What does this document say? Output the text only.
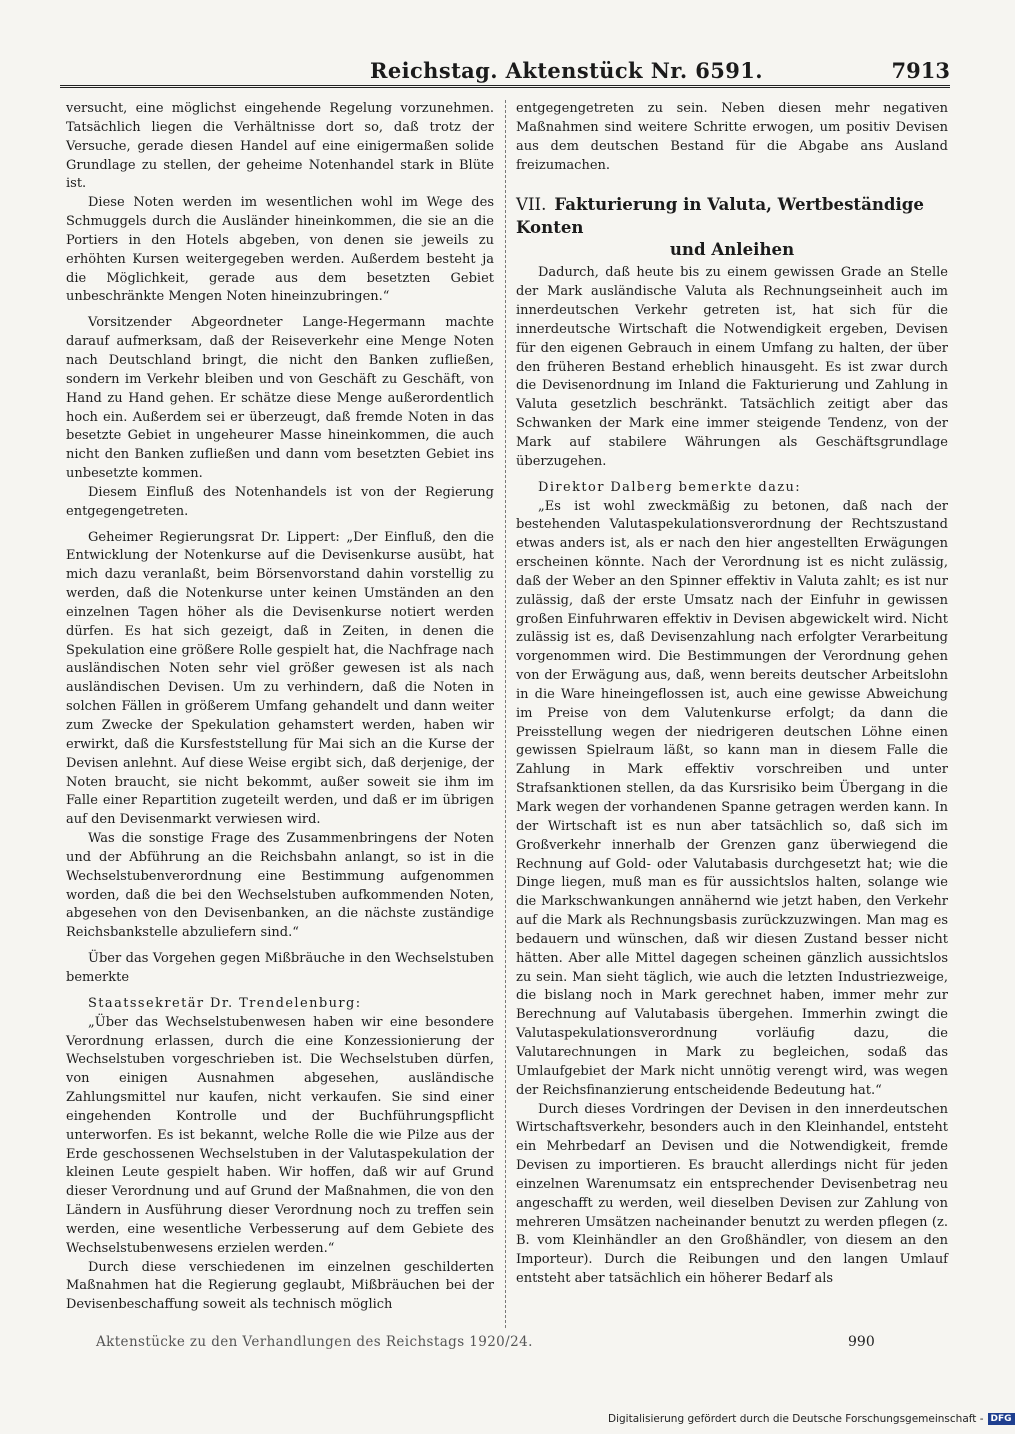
Reichstag. Aktenstück Nr. 6591.	7913

versucht, eine möglichst eingehende Regelung vorzunehmen. Tatsächlich liegen die Verhältnisse dort so, daß trotz der Versuche, gerade diesen Handel auf eine einigermaßen solide Grundlage zu stellen, der geheime Notenhandel stark in Blüte ist.

Diese Noten werden im wesentlichen wohl im Wege des Schmuggels durch die Ausländer hineinkommen, die sie an die Portiers in den Hotels abgeben, von denen sie jeweils zu erhöhten Kursen weitergegeben werden. Außerdem besteht ja die Möglichkeit, gerade aus dem besetzten Gebiet unbeschränkte Mengen Noten hineinzubringen.“

Vorsitzender Abgeordneter Lange-Hegermann machte darauf aufmerksam, daß der Reiseverkehr eine Menge Noten nach Deutschland bringt, die nicht den Banken zufließen, sondern im Verkehr bleiben und von Geschäft zu Geschäft, von Hand zu Hand gehen. Er schätze diese Menge außerordentlich hoch ein. Außerdem sei er überzeugt, daß fremde Noten in das besetzte Gebiet in ungeheurer Masse hineinkommen, die auch nicht den Banken zufließen und dann vom besetzten Gebiet ins unbesetzte kommen.

Diesem Einfluß des Notenhandels ist von der Regierung entgegengetreten.

Geheimer Regierungsrat Dr. Lippert: „Der Einfluß, den die Entwicklung der Notenkurse auf die Devisenkurse ausübt, hat mich dazu veranlaßt, beim Börsenvorstand dahin vorstellig zu werden, daß die Notenkurse unter keinen Umständen an den einzelnen Tagen höher als die Devisenkurse notiert werden dürfen. Es hat sich gezeigt, daß in Zeiten, in denen die Spekulation eine größere Rolle gespielt hat, die Nachfrage nach ausländischen Noten sehr viel größer gewesen ist als nach ausländischen Devisen. Um zu verhindern, daß die Noten in solchen Fällen in größerem Umfang gehandelt und dann weiter zum Zwecke der Spekulation gehamstert werden, haben wir erwirkt, daß die Kursfeststellung für Mai sich an die Kurse der Devisen anlehnt. Auf diese Weise ergibt sich, daß derjenige, der Noten braucht, sie nicht bekommt, außer soweit sie ihm im Falle einer Repartition zugeteilt werden, und daß er im übrigen auf den Devisenmarkt verwiesen wird.

Was die sonstige Frage des Zusammenbringens der Noten und der Abführung an die Reichsbahn anlangt, so ist in die Wechselstubenverordnung eine Bestimmung aufgenommen worden, daß die bei den Wechselstuben aufkommenden Noten, abgesehen von den Devisenbanken, an die nächste zuständige Reichsbankstelle abzuliefern sind.“

Über das Vorgehen gegen Mißbräuche in den Wechselstuben bemerkte

Staatssekretär Dr. Trendelenburg:

„Über das Wechselstubenwesen haben wir eine besondere Verordnung erlassen, durch die eine Konzessionierung der Wechselstuben vorgeschrieben ist. Die Wechselstuben dürfen, von einigen Ausnahmen abgesehen, ausländische Zahlungsmittel nur kaufen, nicht verkaufen. Sie sind einer eingehenden Kontrolle und der Buchführungspflicht unterworfen. Es ist bekannt, welche Rolle die wie Pilze aus der Erde geschossenen Wechselstuben in der Valutaspekulation der kleinen Leute gespielt haben. Wir hoffen, daß wir auf Grund dieser Verordnung und auf Grund der Maßnahmen, die von den Ländern in Ausführung dieser Verordnung noch zu treffen sein werden, eine wesentliche Verbesserung auf dem Gebiete des Wechselstubenwesens erzielen werden.“

Durch diese verschiedenen im einzelnen geschilderten Maßnahmen hat die Regierung geglaubt, Mißbräuchen bei der Devisenbeschaffung soweit als technisch möglich

entgegengetreten zu sein. Neben diesen mehr negativen Maßnahmen sind weitere Schritte erwogen, um positiv Devisen aus dem deutschen Bestand für die Abgabe ans Ausland freizumachen.

VII. Fakturierung in Valuta, Wertbeständige Konten
und Anleihen

Dadurch, daß heute bis zu einem gewissen Grade an Stelle der Mark ausländische Valuta als Rechnungseinheit auch im innerdeutschen Verkehr getreten ist, hat sich für die innerdeutsche Wirtschaft die Notwendigkeit ergeben, Devisen für den eigenen Gebrauch in einem Umfang zu halten, der über den früheren Bestand erheblich hinausgeht. Es ist zwar durch die Devisenordnung im Inland die Fakturierung und Zahlung in Valuta gesetzlich beschränkt. Tatsächlich zeitigt aber das Schwanken der Mark eine immer steigende Tendenz, von der Mark auf stabilere Währungen als Geschäftsgrundlage überzugehen.

Direktor Dalberg bemerkte dazu:

„Es ist wohl zweckmäßig zu betonen, daß nach der bestehenden Valutaspekulationsverordnung der Rechtszustand etwas anders ist, als er nach den hier angestellten Erwägungen erscheinen könnte. Nach der Verordnung ist es nicht zulässig, daß der Weber an den Spinner effektiv in Valuta zahlt; es ist nur zulässig, daß der erste Umsatz nach der Einfuhr in gewissen großen Einfuhrwaren effektiv in Devisen abgewickelt wird. Nicht zulässig ist es, daß Devisenzahlung nach erfolgter Verarbeitung vorgenommen wird. Die Bestimmungen der Verordnung gehen von der Erwägung aus, daß, wenn bereits deutscher Arbeitslohn in die Ware hineingeflossen ist, auch eine gewisse Abweichung im Preise von dem Valutenkurse erfolgt; da dann die Preisstellung wegen der niedrigeren deutschen Löhne einen gewissen Spielraum läßt, so kann man in diesem Falle die Zahlung in Mark effektiv vorschreiben und unter Strafsanktionen stellen, da das Kursrisiko beim Übergang in die Mark wegen der vorhandenen Spanne getragen werden kann. In der Wirtschaft ist es nun aber tatsächlich so, daß sich im Großverkehr innerhalb der Grenzen ganz überwiegend die Rechnung auf Gold- oder Valutabasis durchgesetzt hat; wie die Dinge liegen, muß man es für aussichtslos halten, solange wie die Markschwankungen annähernd wie jetzt haben, den Verkehr auf die Mark als Rechnungsbasis zurückzuzwingen. Man mag es bedauern und wünschen, daß wir diesen Zustand besser nicht hätten. Aber alle Mittel dagegen scheinen gänzlich aussichtslos zu sein. Man sieht täglich, wie auch die letzten Industriezweige, die bislang noch in Mark gerechnet haben, immer mehr zur Berechnung auf Valutabasis übergehen. Immerhin zwingt die Valutaspekulationsverordnung vorläufig dazu, die Valutarechnungen in Mark zu begleichen, sodaß das Umlaufgebiet der Mark nicht unnötig verengt wird, was wegen der Reichsfinanzierung entscheidende Bedeutung hat.“

Durch dieses Vordringen der Devisen in den innerdeutschen Wirtschaftsverkehr, besonders auch in den Kleinhandel, entsteht ein Mehrbedarf an Devisen und die Notwendigkeit, fremde Devisen zu importieren. Es braucht allerdings nicht für jeden einzelnen Warenumsatz ein entsprechender Devisenbetrag neu angeschafft zu werden, weil dieselben Devisen zur Zahlung von mehreren Umsätzen nacheinander benutzt zu werden pflegen (z. B. vom Kleinhändler an den Großhändler, von diesem an den Importeur). Durch die Reibungen und den langen Umlauf entsteht aber tatsächlich ein höherer Bedarf als

Aktenstücke zu den Verhandlungen des Reichstags 1920/24.	990
Digitalisierung gefördert durch die Deutsche Forschungsgemeinschaft - DFG
